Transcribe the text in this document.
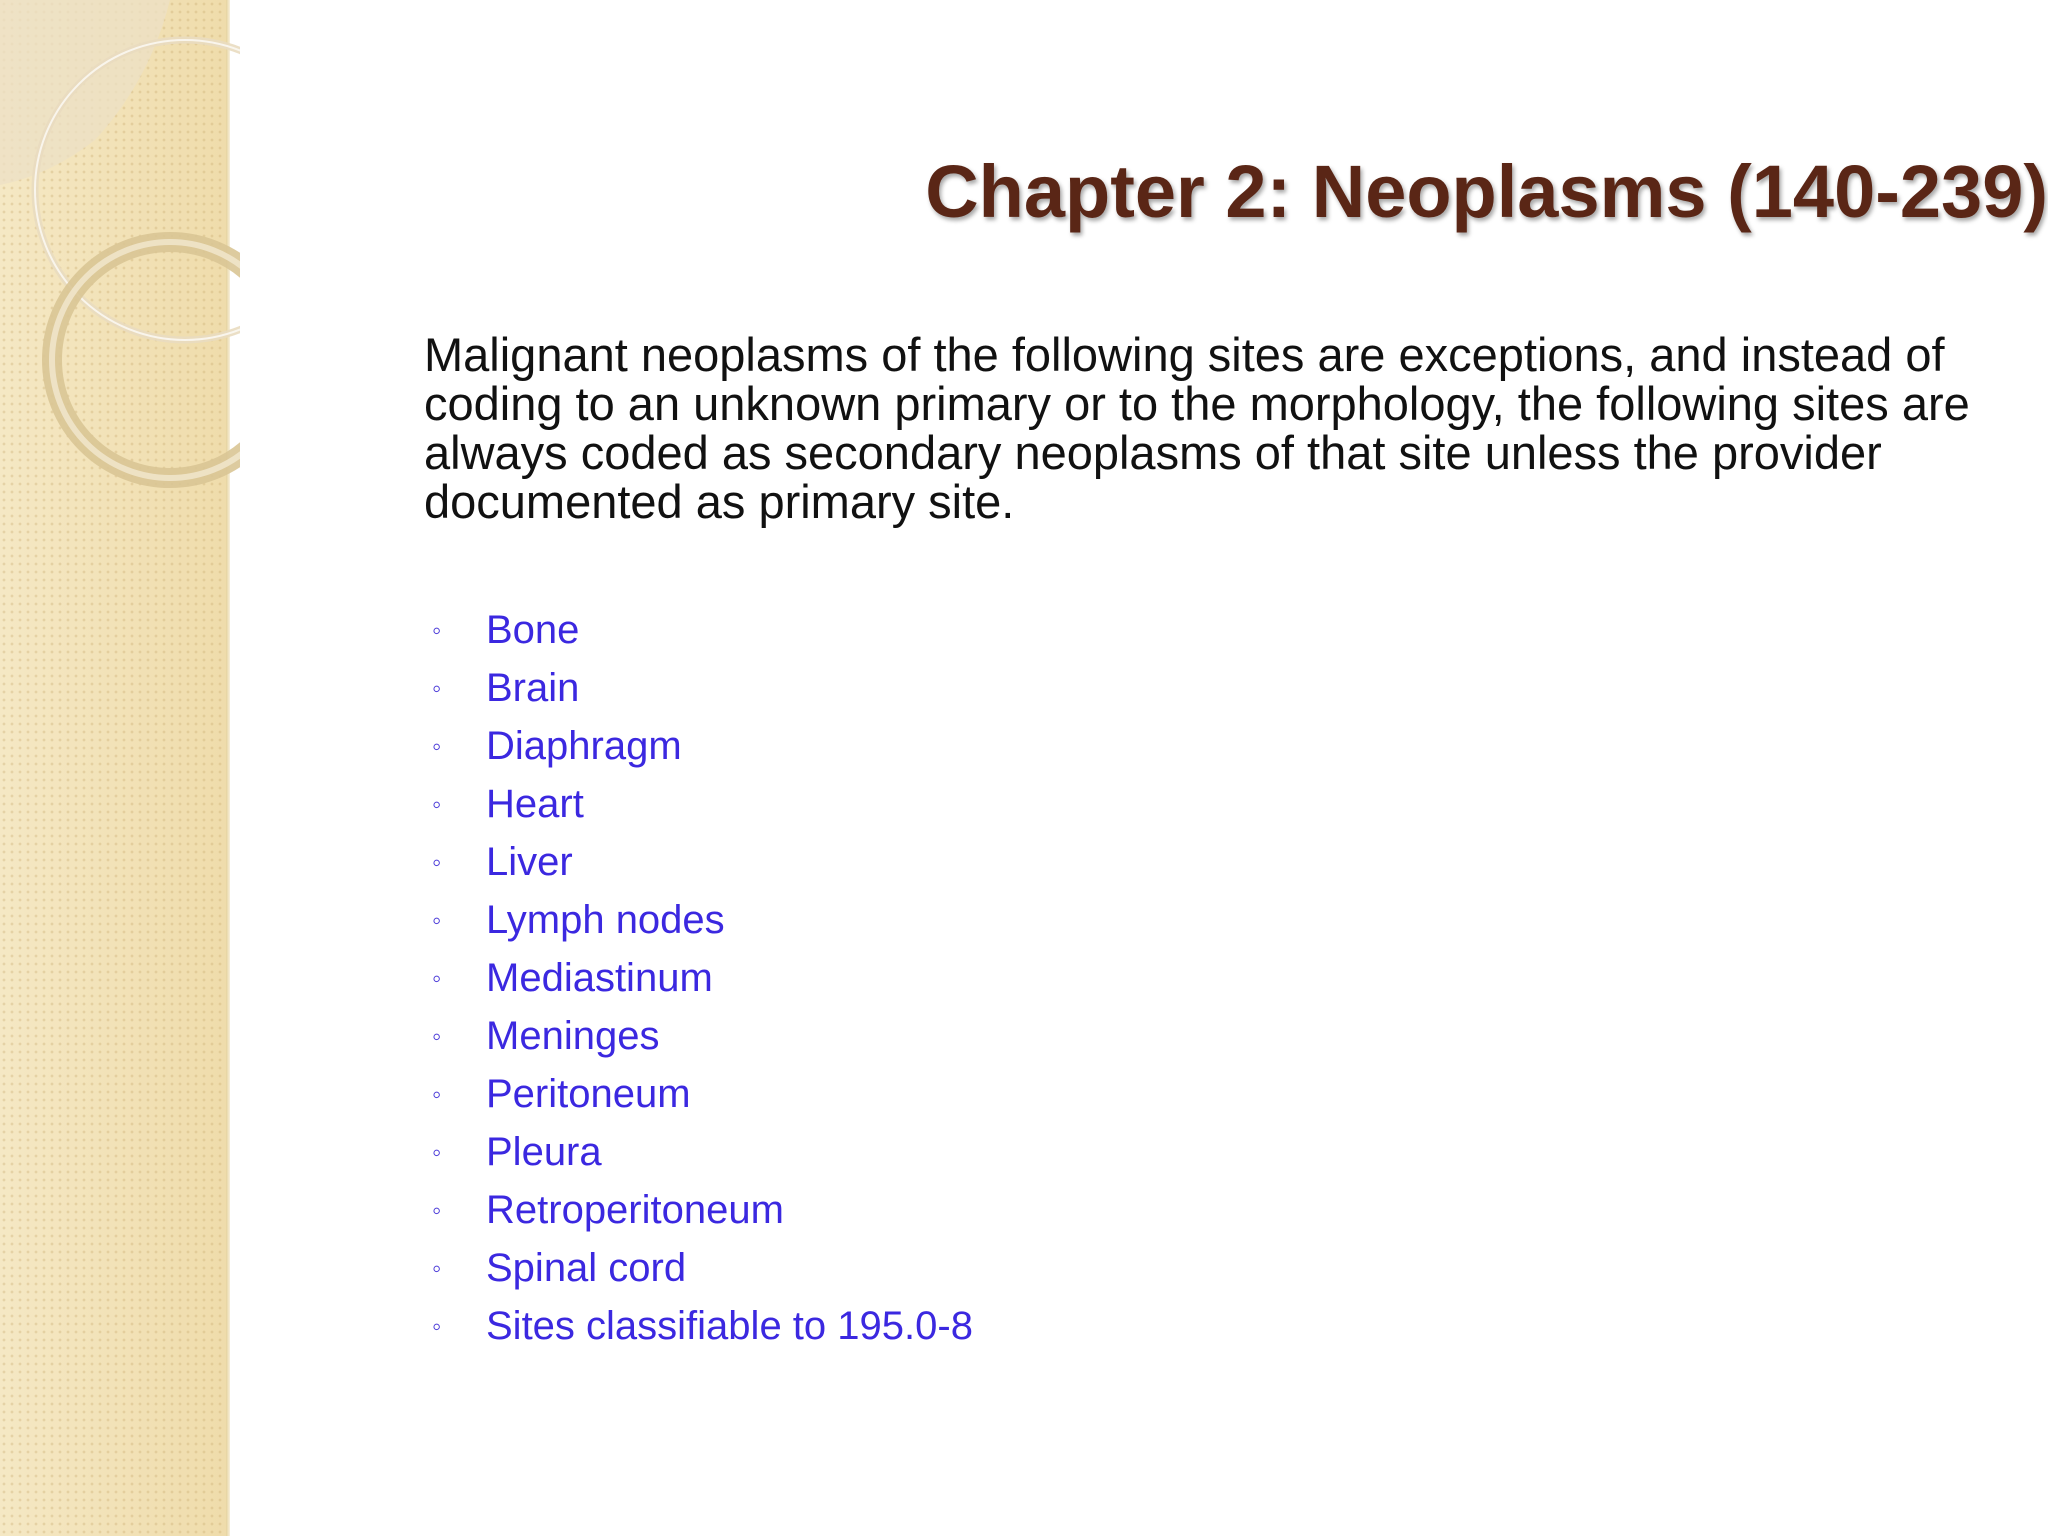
Chapter 2: Neoplasms (140-239)

Malignant neoplasms of the following sites are exceptions, and instead of coding to an unknown primary or to the morphology, the following sites are always coded as secondary neoplasms of that site unless the provider documented as primary site.

◦ Bone
◦ Brain
◦ Diaphragm
◦ Heart
◦ Liver
◦ Lymph nodes
◦ Mediastinum
◦ Meninges
◦ Peritoneum
◦ Pleura
◦ Retroperitoneum
◦ Spinal cord
◦ Sites classifiable to 195.0-8
